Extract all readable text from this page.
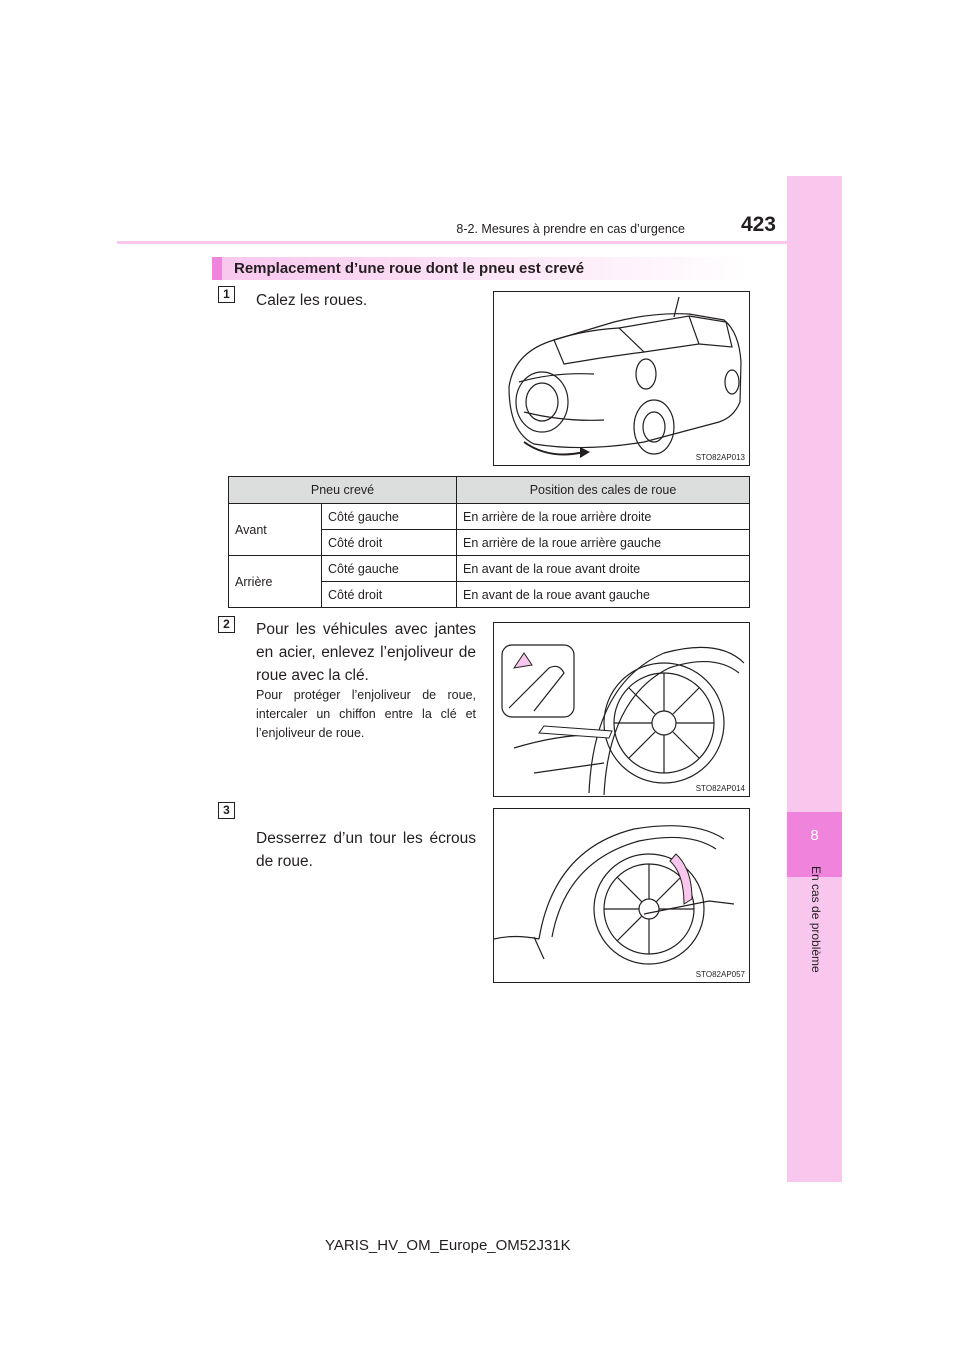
8
En cas de problème
8-2. Mesures à prendre en cas d’urgence	423
Remplacement d’une roue dont le pneu est crevé
1	Calez les roues.
STO82AP013
Pneu crevé		Position des cales de roue
Avant	Côté gauche	En arrière de la roue arrière droite
	Côté droit	En arrière de la roue arrière gauche
Arrière	Côté gauche	En avant de la roue avant droite
	Côté droit	En avant de la roue avant gauche
2	Pour les véhicules avec jantes en acier, enlevez l’enjoliveur de roue avec la clé.
Pour protéger l’enjoliveur de roue, intercaler un chiffon entre la clé et l’enjoliveur de roue.
STO82AP014
3
Desserrez d’un tour les écrous de roue.
STO82AP057
YARIS_HV_OM_Europe_OM52J31K
